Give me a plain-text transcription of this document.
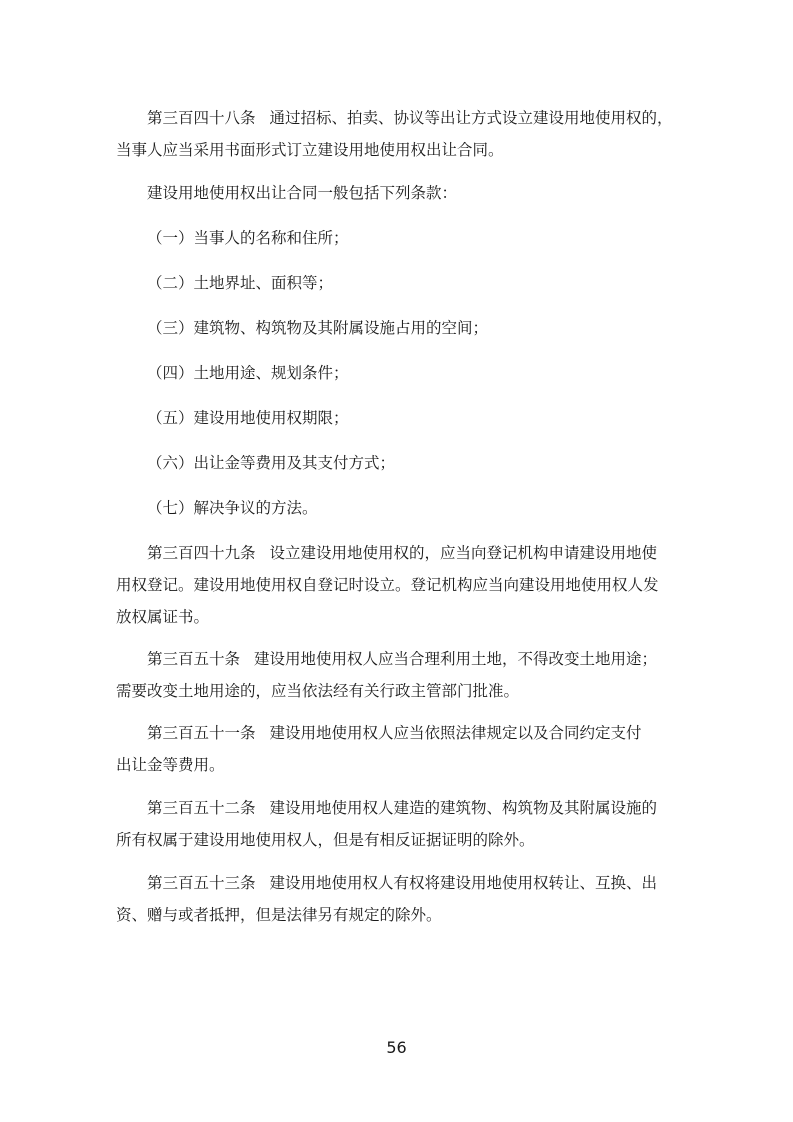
第三百四十八条 通过招标、拍卖、协议等出让方式设立建设用地使用权的，
当事人应当采用书面形式订立建设用地使用权出让合同。
建设用地使用权出让合同一般包括下列条款：
（一）当事人的名称和住所；
（二）土地界址、面积等；
（三）建筑物、构筑物及其附属设施占用的空间；
（四）土地用途、规划条件；
（五）建设用地使用权期限；
（六）出让金等费用及其支付方式；
（七）解决争议的方法。
第三百四十九条 设立建设用地使用权的，应当向登记机构申请建设用地使
用权登记。建设用地使用权自登记时设立。登记机构应当向建设用地使用权人发
放权属证书。
第三百五十条 建设用地使用权人应当合理利用土地，不得改变土地用途；
需要改变土地用途的，应当依法经有关行政主管部门批准。
第三百五十一条 建设用地使用权人应当依照法律规定以及合同约定支付
出让金等费用。
第三百五十二条 建设用地使用权人建造的建筑物、构筑物及其附属设施的
所有权属于建设用地使用权人，但是有相反证据证明的除外。
第三百五十三条 建设用地使用权人有权将建设用地使用权转让、互换、出
资、赠与或者抵押，但是法律另有规定的除外。
56
